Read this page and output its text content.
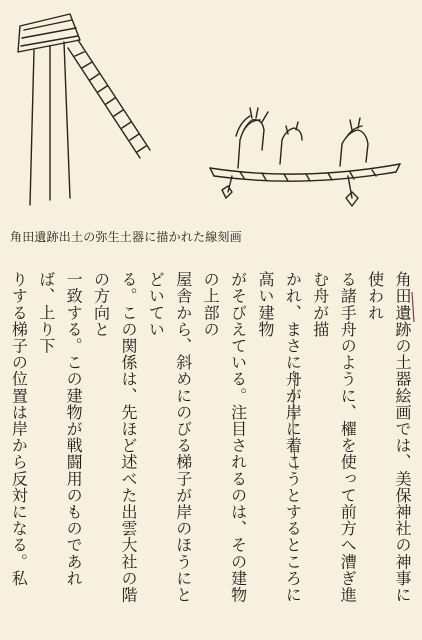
角田遺跡出土の弥生土器に描かれた線刻画
角田遺跡の土器絵画では、美保神社の神事に使われ
る諸手舟のように、櫂を使って前方へ漕ぎ進む舟が描
かれ、まさに舟が岸に着こうとするところに高い建物
がそびえている。注目されるのは、その建物の上部の
屋舎から、斜めにのびる梯子が岸のほうにとどいてい
る。この関係は、先ほど述べた出雲大社の階の方向と
一致する。この建物が戦闘用のものであれば、上り下
りする梯子の位置は岸から反対になる。私
